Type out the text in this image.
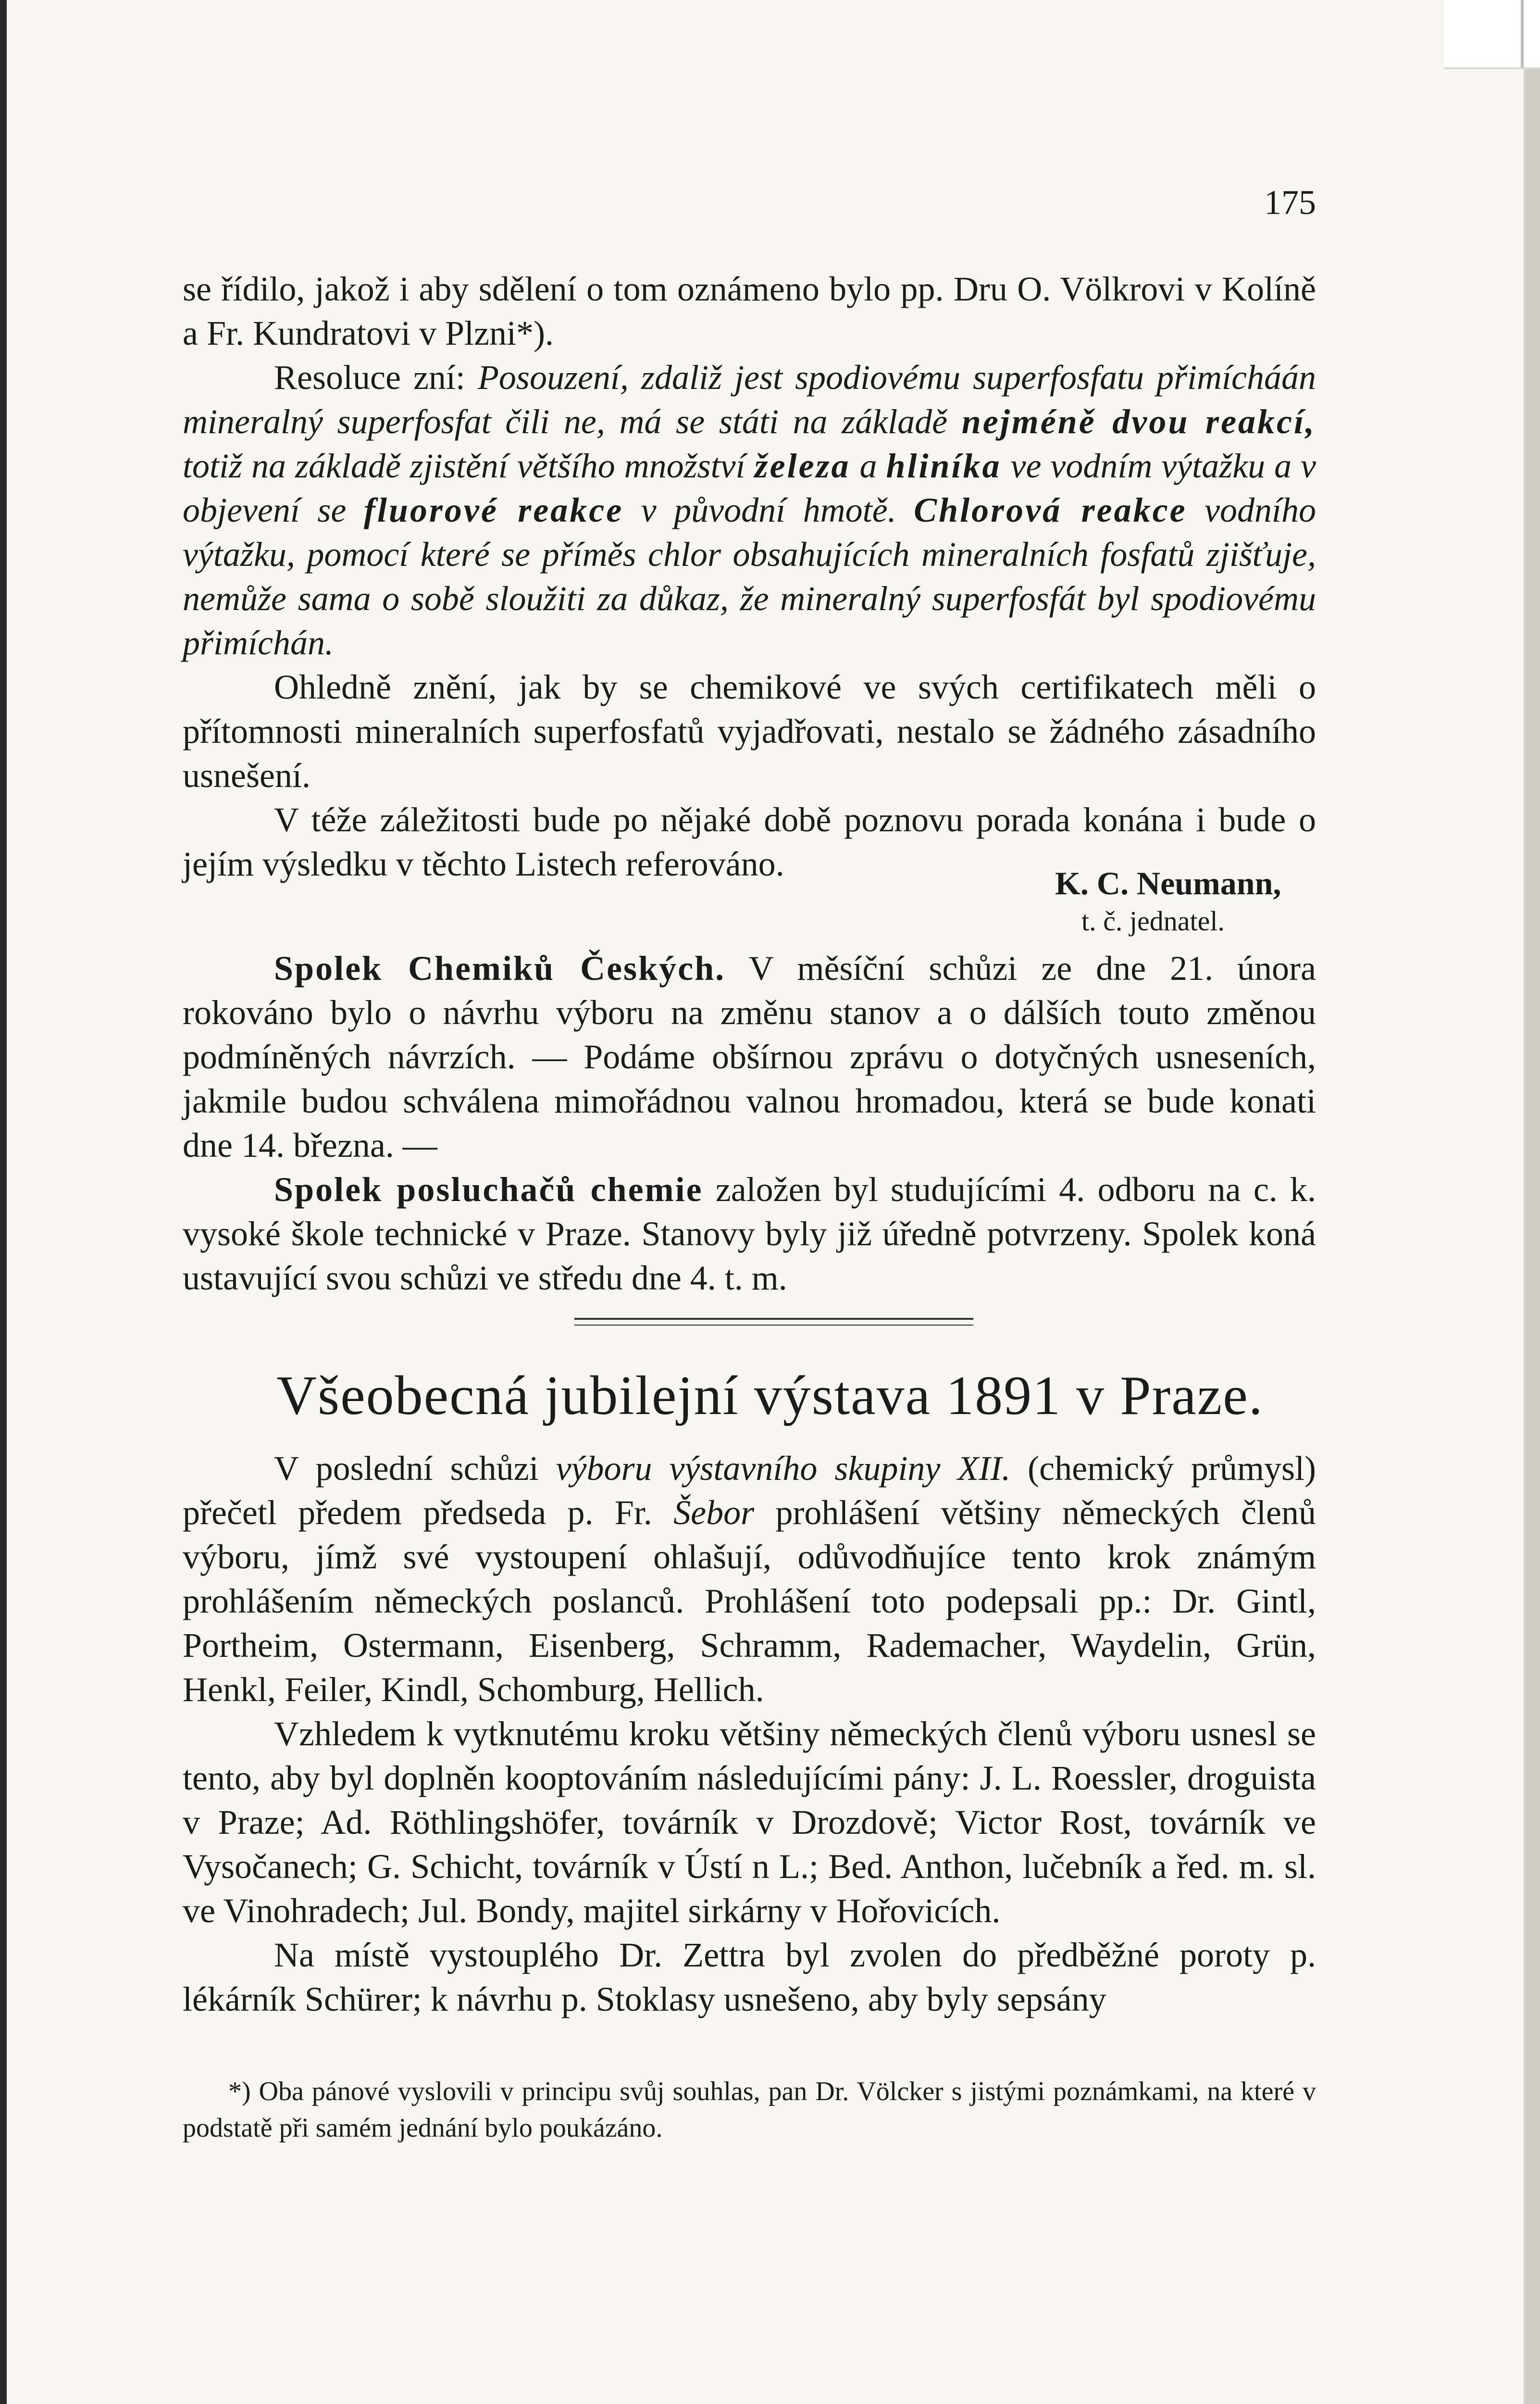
175

se řídilo, jakož i aby sdělení o tom oznámeno bylo pp. Dru O. Völkrovi v Kolíně a Fr. Kundratovi v Plzni*).

Resoluce zní: Posouzení, zdaliž jest spodiovému superfosfatu přimícháán mineralný superfosfat čili ne, má se státi na základě nejméně dvou reakcí, totiž na základě zjistění většího množství železa a hliníka ve vodním výtažku a v objevení se fluorové reakce v původní hmotě. Chlorová reakce vodního výtažku, pomocí které se příměs chlor obsahujících mineralních fosfatů zjišťuje, nemůže sama o sobě sloužiti za důkaz, že mineralný superfosfát byl spodiovému přimíchán.

Ohledně znění, jak by se chemikové ve svých certifikatech měli o přítomnosti mineralních superfosfatů vyjadřovati, nestalo se žádného zásadního usnešení.

V téže záležitosti bude po nějaké době poznovu porada konána i bude o jejím výsledku v těchto Listech referováno.	K. C. Neumann,
t. č. jednatel.

Spolek Chemiků Českých. V měsíční schůzi ze dne 21. února rokováno bylo o návrhu výboru na změnu stanov a o dálších touto změnou podmíněných návrzích. — Podáme obšírnou zprávu o dotyčných usneseních, jakmile budou schválena mimořádnou valnou hromadou, která se bude konati dne 14. března. —

Spolek posluchačů chemie založen byl studujícími 4. odboru na c. k. vysoké škole technické v Praze. Stanovy byly již úředně potvrzeny. Spolek koná ustavující svou schůzi ve středu dne 4. t. m.

Všeobecná jubilejní výstava 1891 v Praze.

V poslední schůzi výboru výstavního skupiny XII. (chemický průmysl) přečetl předem předseda p. Fr. Šebor prohlášení většiny německých členů výboru, jímž své vystoupení ohlašují, odůvodňujíce tento krok známým prohlášením německých poslanců. Prohlášení toto podepsali pp.: Dr. Gintl, Portheim, Ostermann, Eisenberg, Schramm, Rademacher, Waydelin, Grün, Henkl, Feiler, Kindl, Schomburg, Hellich.

Vzhledem k vytknutému kroku většiny německých členů výboru usnesl se tento, aby byl doplněn kooptováním následujícími pány: J. L. Roessler, droguista v Praze; Ad. Röthlingshöfer, továrník v Drozdově; Victor Rost, továrník ve Vysočanech; G. Schicht, továrník v Ústí n L.; Bed. Anthon, lučebník a řed. m. sl. ve Vinohradech; Jul. Bondy, majitel sirkárny v Hořovicích.

Na místě vystouplého Dr. Zettra byl zvolen do předběžné poroty p. lékárník Schürer; k návrhu p. Stoklasy usnešeno, aby byly sepsány

*) Oba pánové vyslovili v principu svůj souhlas, pan Dr. Völcker s jistými poznámkami, na které v podstatě při samém jednání bylo poukázáno.
